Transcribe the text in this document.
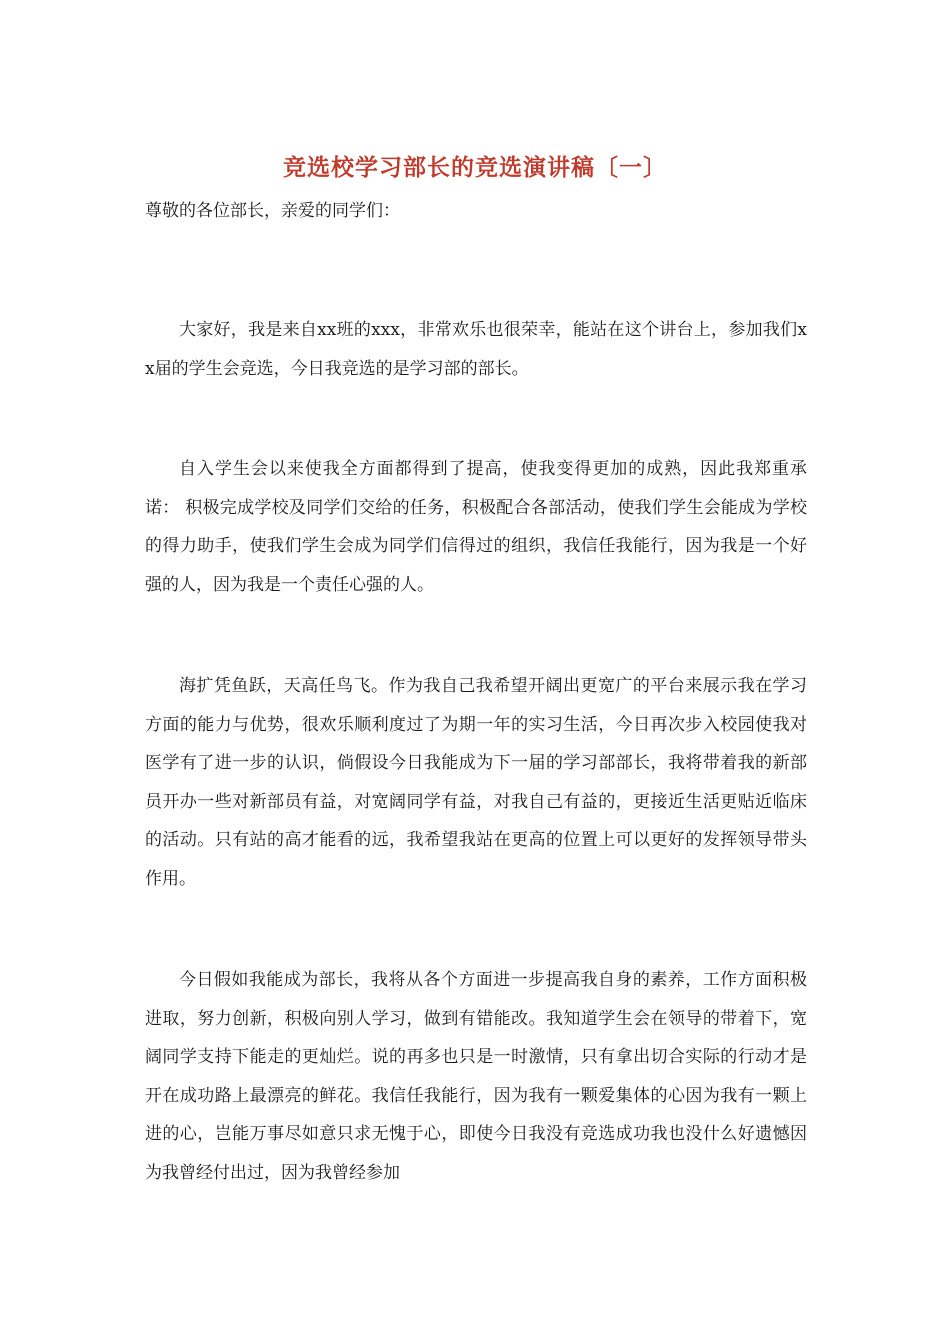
竞选校学习部长的竞选演讲稿〔一〕
尊敬的各位部长，亲爱的同学们：

大家好，我是来自xx班的xxx，非常欢乐也很荣幸，能站在这个讲台上，参加我们xx届的学生会竞选，今日我竞选的是学习部的部长。

自入学生会以来使我全方面都得到了提高，使我变得更加的成熟，因此我郑重承诺： 积极完成学校及同学们交给的任务，积极配合各部活动，使我们学生会能成为学校的得力助手，使我们学生会成为同学们信得过的组织，我信任我能行，因为我是一个好强的人，因为我是一个责任心强的人。

海扩凭鱼跃，天高任鸟飞。作为我自己我希望开阔出更宽广的平台来展示我在学习方面的能力与优势，很欢乐顺利度过了为期一年的实习生活，今日再次步入校园使我对医学有了进一步的认识，倘假设今日我能成为下一届的学习部部长，我将带着我的新部员开办一些对新部员有益，对宽阔同学有益，对我自己有益的，更接近生活更贴近临床的活动。只有站的高才能看的远，我希望我站在更高的位置上可以更好的发挥领导带头作用。

今日假如我能成为部长，我将从各个方面进一步提高我自身的素养，工作方面积极进取，努力创新，积极向别人学习，做到有错能改。我知道学生会在领导的带着下，宽阔同学支持下能走的更灿烂。说的再多也只是一时激情，只有拿出切合实际的行动才是开在成功路上最漂亮的鲜花。我信任我能行，因为我有一颗爱集体的心因为我有一颗上进的心，岂能万事尽如意只求无愧于心，即使今日我没有竞选成功我也没什么好遗憾因为我曾经付出过，因为我曾经参加
